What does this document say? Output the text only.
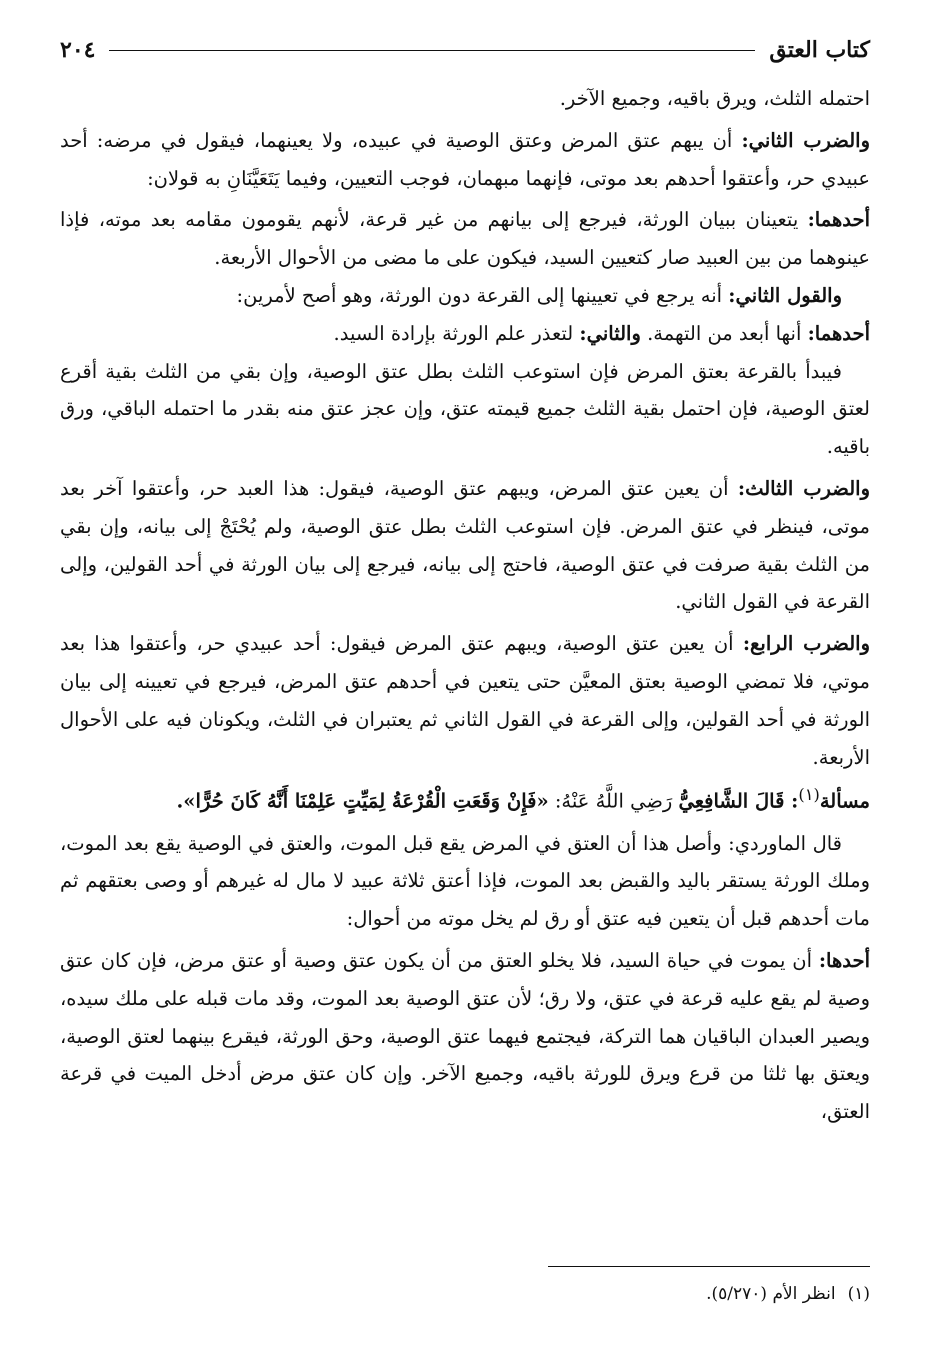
كتاب العتق
٢٠٤

احتمله الثلث، ويرق باقيه، وجميع الآخر.

والضرب الثاني: أن يبهم عتق المرض وعتق الوصية في عبيده، ولا يعينهما، فيقول في مرضه: أحد عبيدي حر، وأعتقوا أحدهم بعد موتى، فإنهما مبهمان، فوجب التعيين، وفيما يَتَعَيَّنَانِ به قولان:

أحدهما: يتعينان ببيان الورثة، فيرجع إلى بيانهم من غير قرعة، لأنهم يقومون مقامه بعد موته، فإذا عينوهما من بين العبيد صار كتعيين السيد، فيكون على ما مضى من الأحوال الأربعة.

والقول الثاني: أنه يرجع في تعيينها إلى القرعة دون الورثة، وهو أصح لأمرين:

أحدهما: أنها أبعد من التهمة. والثاني: لتعذر علم الورثة بإرادة السيد.

فيبدأ بالقرعة بعتق المرض فإن استوعب الثلث بطل عتق الوصية، وإن بقي من الثلث بقية أقرع لعتق الوصية، فإن احتمل بقية الثلث جميع قيمته عتق، وإن عجز عتق منه بقدر ما احتمله الباقي، ورق باقيه.

والضرب الثالث: أن يعين عتق المرض، ويبهم عتق الوصية، فيقول: هذا العبد حر، وأعتقوا آخر بعد موتى، فينظر في عتق المرض. فإن استوعب الثلث بطل عتق الوصية، ولم يُحْتَجْ إلى بيانه، وإن بقي من الثلث بقية صرفت في عتق الوصية، فاحتج إلى بيانه، فيرجع إلى بيان الورثة في أحد القولين، وإلى القرعة في القول الثاني.

والضرب الرابع: أن يعين عتق الوصية، ويبهم عتق المرض فيقول: أحد عبيدي حر، وأعتقوا هذا بعد موتي، فلا تمضي الوصية بعتق المعيَّن حتى يتعين في أحدهم عتق المرض، فيرجع في تعيينه إلى بيان الورثة في أحد القولين، وإلى القرعة في القول الثاني ثم يعتبران في الثلث، ويكونان فيه على الأحوال الأربعة.

مسألة$^{(١)}$: قَالَ الشَّافِعِيُّ رَضِي اللَّهُ عَنْهُ: «فَإِنْ وَقَعَتِ الْقُرْعَةُ لِمَيِّتٍ عَلِمْنَا أَنَّهُ كَانَ حُرًّا».

قال الماوردي: وأصل هذا أن العتق في المرض يقع قبل الموت، والعتق في الوصية يقع بعد الموت، وملك الورثة يستقر باليد والقبض بعد الموت، فإذا أعتق ثلاثة عبيد لا مال له غيرهم أو وصى بعتقهم ثم مات أحدهم قبل أن يتعين فيه عتق أو رق لم يخل موته من أحوال:

أحدها: أن يموت في حياة السيد، فلا يخلو العتق من أن يكون عتق وصية أو عتق مرض، فإن كان عتق وصية لم يقع عليه قرعة في عتق، ولا رق؛ لأن عتق الوصية بعد الموت، وقد مات قبله على ملك سيده، ويصير العبدان الباقيان هما التركة، فيجتمع فيهما عتق الوصية، وحق الورثة، فيقرع بينهما لعتق الوصية، ويعتق بها ثلثا من قرع ويرق للورثة باقيه، وجميع الآخر. وإن كان عتق مرض أدخل الميت في قرعة العتق،

(١)انظر الأم (٥/٢٧٠).
